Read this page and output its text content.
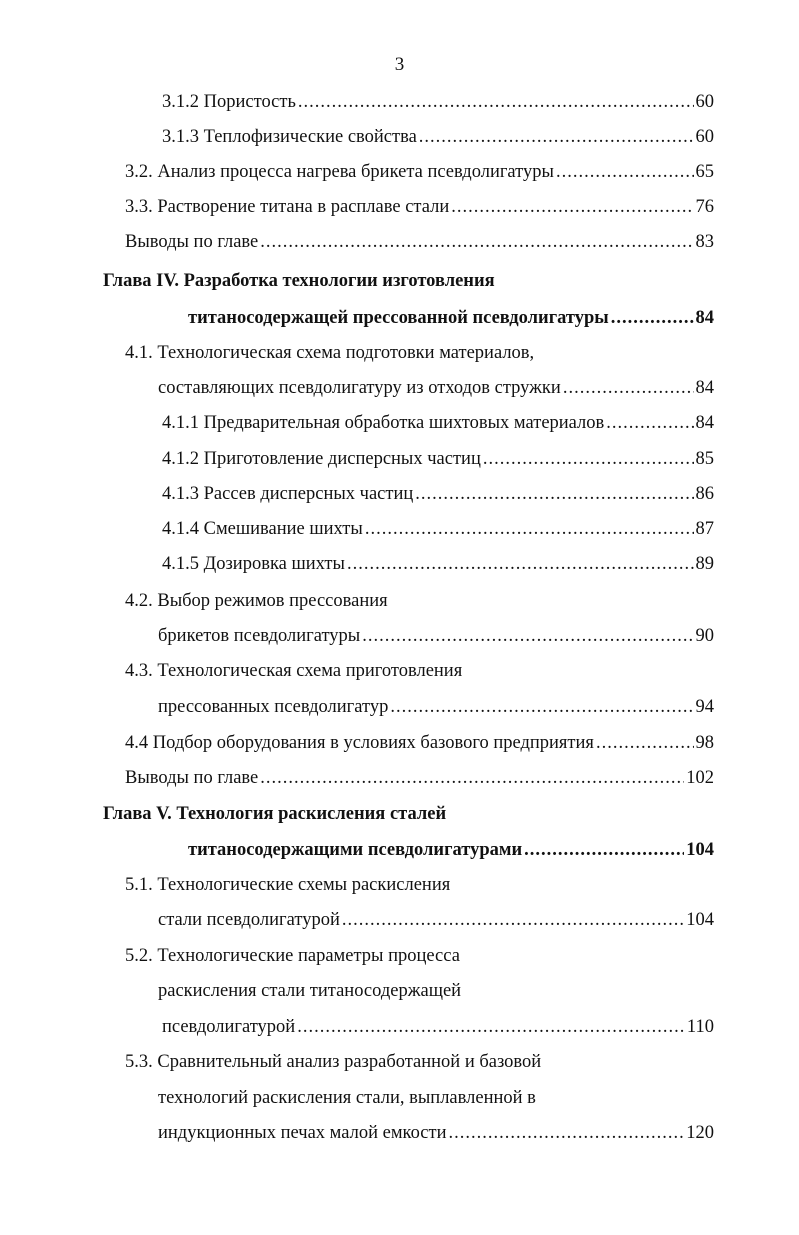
3
3.1.2 Пористость .....	60
3.1.3 Теплофизические свойства .....	60
3.2. Анализ процесса нагрева брикета псевдолигатуры .....	65
3.3. Растворение титана в расплаве стали .....	76
Выводы по главе .....	83
Глава IV. Разработка технологии изготовления
титаносодержащей прессованной псевдолигатуры .....	84
4.1. Технологическая схема подготовки материалов,
составляющих псевдолигатуру из отходов стружки .....	84
4.1.1 Предварительная обработка шихтовых материалов .....	84
4.1.2 Приготовление дисперсных частиц .....	85
4.1.3 Рассев дисперсных частиц .....	86
4.1.4 Смешивание шихты .....	87
4.1.5 Дозировка шихты .....	89
4.2. Выбор режимов прессования
брикетов псевдолигатуры .....	90
4.3. Технологическая схема приготовления
прессованных псевдолигатур .....	94
4.4 Подбор оборудования в условиях базового предприятия .....	98
Выводы по главе .....	102
Глава V. Технология раскисления сталей
титаносодержащими псевдолигатурами .....	104
5.1. Технологические схемы раскисления
стали псевдолигатурой .....	104
5.2. Технологические параметры процесса
раскисления стали титаносодержащей
псевдолигатурой .....	110
5.3. Сравнительный анализ разработанной и базовой
технологий раскисления стали, выплавленной в
индукционных печах малой емкости .....	120
